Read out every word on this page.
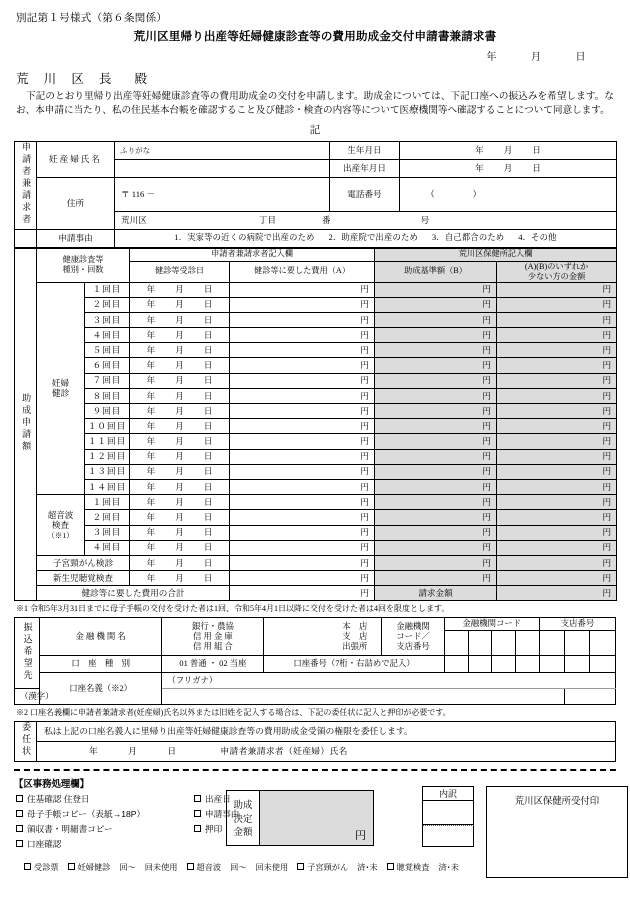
別記第１号様式（第６条関係）
荒川区里帰り出産等妊婦健康診査等の費用助成金交付申請書兼請求書
年	月	日
荒 川 区 長 殿
下記のとおり里帰り出産等妊婦健康診査等の費用助成金の交付を申請します。助成金については、下記口座への振込みを希望します。なお、本申請に当たり、私の住民基本台帳を確認すること及び健診・検査の内容等について医療機関等へ確認することについて同意します。
記
申請者兼請求者	妊産婦氏名	ふりがな	生年月日	年 月 日
			出産年月日	年 月 日
	住所	〒 116 －	電話番号	（ ）
		荒川区 丁目 番 号		
	申請事由	1．実家等の近くの病院で出産のため 2．助産院で出産のため 3．自己都合のため 4．その他		
助成申請額	健康診査等
種別・回数		申請者兼請求者記入欄		荒川区保健所記入欄	
			健診等受診日	健診等に要した費用（A）	助成基準額（B）	(A)(B)のいずれか
少ない方の金額

	妊婦
健診	１回目	年 月 日	円	円	円
		２回目	年 月 日	円	円	円
		３回目	年 月 日	円	円	円
		４回目	年 月 日	円	円	円
		５回目	年 月 日	円	円	円
		６回目	年 月 日	円	円	円
		７回目	年 月 日	円	円	円
		８回目	年 月 日	円	円	円
		９回目	年 月 日	円	円	円
		１０回目	年 月 日	円	円	円
		１１回目	年 月 日	円	円	円
		１２回目	年 月 日	円	円	円
		１３回目	年 月 日	円	円	円
		１４回目	年 月 日	円	円	円

	超音波
検査
（※1）	１回目	年 月 日	円	円	円
		２回目	年 月 日	円	円	円
		３回目	年 月 日	円	円	円
		４回目	年 月 日	円	円	円
	子宮頸がん検診		年 月 日	円	円	円
	新生児聴覚検査		年 月 日	円	円	円
	健診等に要した費用の合計			円	請求金額	円
※1 令和5年3月31日までに母子手帳の交付を受けた者は1回、令和5年4月1日以降に交付を受けた者は4回を限度とします。
振込希望先	金 融 機 関 名	
銀行・農協
信 用 金 庫
信 用 組 合

本　店
支　店
出張所

金融機関
コード／
支店番号
	金融機関コード	支店番号

	口　座　種　別	01 普通 ・ 02 当座	口座番号（7桁・右詰めで記入）								
	口座名義（※2）	（フリガナ）									
（漢字）											
※2 口座名義欄に申請者兼請求者(妊産婦)氏名以外または旧姓を記入する場合は、下記の委任状に記入と押印が必要です。
委任状	私は上記の口座名義人に里帰り出産等妊婦健康診査等の費用助成金受領の権限を委任します。
年	月	日	申請者兼請求者（妊産婦）氏名
【区事務処理欄】
住基確認 住登日
母子手帳コピー（表紙→18P）
領収書・明細書コピー
口座確認
出産日
申請事由
押印
助成
決定
金額	円
内訳
荒川区保健所受付印
受診票 妊婦健診 回～ 回未使用 超音波 回～ 回未使用 子宮頸がん 済･未 聴覚検査 済･未
